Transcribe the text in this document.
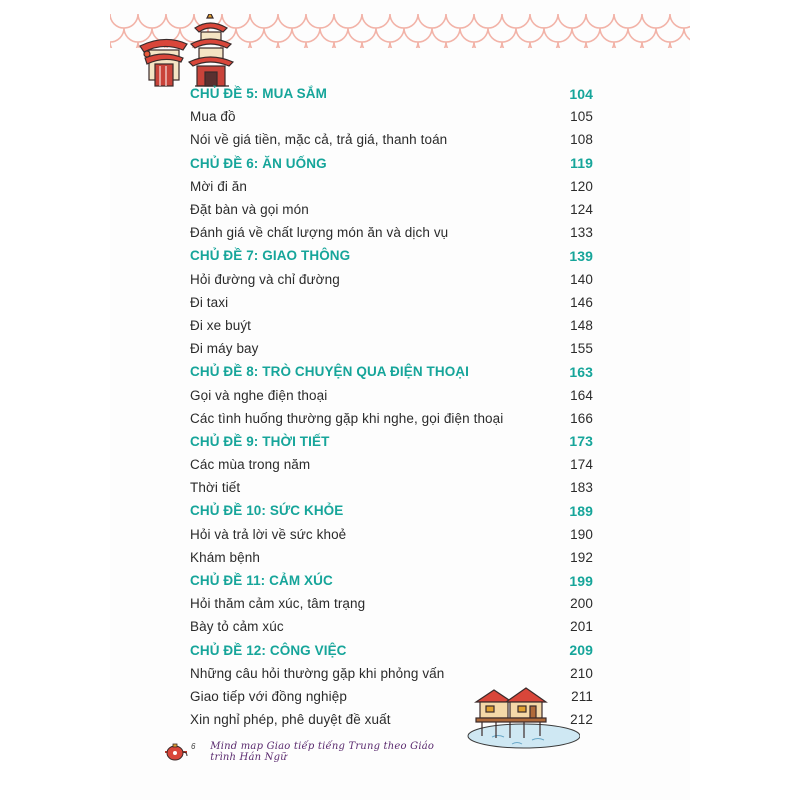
CHỦ ĐỀ 5: MUA SẮM	104
Mua đồ	105
Nói về giá tiền, mặc cả, trả giá, thanh toán	108
CHỦ ĐỀ 6: ĂN UỐNG	119
Mời đi ăn	120
Đặt bàn và gọi món	124
Đánh giá về chất lượng món ăn và dịch vụ	133
CHỦ ĐỀ 7: GIAO THÔNG	139
Hỏi đường và chỉ đường	140
Đi taxi	146
Đi xe buýt	148
Đi máy bay	155
CHỦ ĐỀ 8: TRÒ CHUYỆN QUA ĐIỆN THOẠI	163
Gọi và nghe điện thoại	164
Các tình huống thường gặp khi nghe, gọi điện thoại	166
CHỦ ĐỀ 9: THỜI TIẾT	173
Các mùa trong năm	174
Thời tiết	183
CHỦ ĐỀ 10: SỨC KHỎE	189
Hỏi và trả lời về sức khoẻ	190
Khám bệnh	192
CHỦ ĐỀ 11: CẢM XÚC	199
Hỏi thăm cảm xúc, tâm trạng	200
Bày tỏ cảm xúc	201
CHỦ ĐỀ 12: CÔNG VIỆC	209
Những câu hỏi thường gặp khi phỏng vấn	210
Giao tiếp với đồng nghiệp	211
Xin nghỉ phép, phê duyệt đề xuất	212
6 Mind map Giao tiếp tiếng Trung theo Giáo trình Hán Ngữ
